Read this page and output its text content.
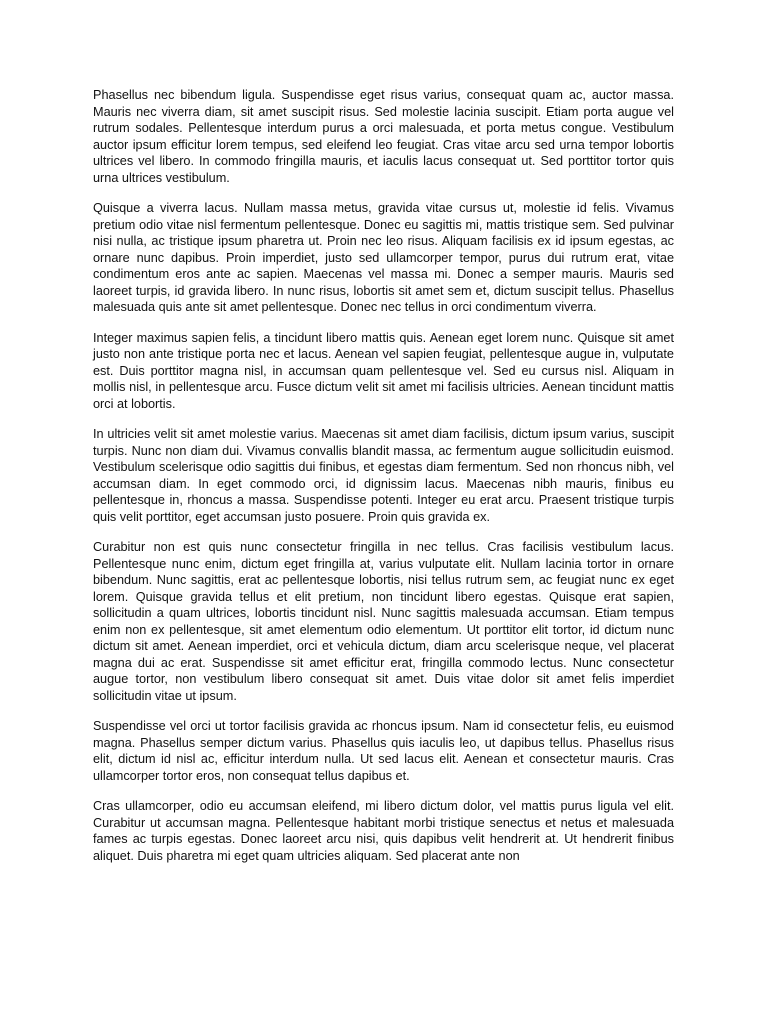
Phasellus nec bibendum ligula. Suspendisse eget risus varius, consequat quam ac, auctor massa. Mauris nec viverra diam, sit amet suscipit risus. Sed molestie lacinia suscipit. Etiam porta augue vel rutrum sodales. Pellentesque interdum purus a orci malesuada, et porta metus congue. Vestibulum auctor ipsum efficitur lorem tempus, sed eleifend leo feugiat. Cras vitae arcu sed urna tempor lobortis ultrices vel libero. In commodo fringilla mauris, et iaculis lacus consequat ut. Sed porttitor tortor quis urna ultrices vestibulum.

Quisque a viverra lacus. Nullam massa metus, gravida vitae cursus ut, molestie id felis. Vivamus pretium odio vitae nisl fermentum pellentesque. Donec eu sagittis mi, mattis tristique sem. Sed pulvinar nisi nulla, ac tristique ipsum pharetra ut. Proin nec leo risus. Aliquam facilisis ex id ipsum egestas, ac ornare nunc dapibus. Proin imperdiet, justo sed ullamcorper tempor, purus dui rutrum erat, vitae condimentum eros ante ac sapien. Maecenas vel massa mi. Donec a semper mauris. Mauris sed laoreet turpis, id gravida libero. In nunc risus, lobortis sit amet sem et, dictum suscipit tellus. Phasellus malesuada quis ante sit amet pellentesque. Donec nec tellus in orci condimentum viverra.

Integer maximus sapien felis, a tincidunt libero mattis quis. Aenean eget lorem nunc. Quisque sit amet justo non ante tristique porta nec et lacus. Aenean vel sapien feugiat, pellentesque augue in, vulputate est. Duis porttitor magna nisl, in accumsan quam pellentesque vel. Sed eu cursus nisl. Aliquam in mollis nisl, in pellentesque arcu. Fusce dictum velit sit amet mi facilisis ultricies. Aenean tincidunt mattis orci at lobortis.

In ultricies velit sit amet molestie varius. Maecenas sit amet diam facilisis, dictum ipsum varius, suscipit turpis. Nunc non diam dui. Vivamus convallis blandit massa, ac fermentum augue sollicitudin euismod. Vestibulum scelerisque odio sagittis dui finibus, et egestas diam fermentum. Sed non rhoncus nibh, vel accumsan diam. In eget commodo orci, id dignissim lacus. Maecenas nibh mauris, finibus eu pellentesque in, rhoncus a massa. Suspendisse potenti. Integer eu erat arcu. Praesent tristique turpis quis velit porttitor, eget accumsan justo posuere. Proin quis gravida ex.

Curabitur non est quis nunc consectetur fringilla in nec tellus. Cras facilisis vestibulum lacus. Pellentesque nunc enim, dictum eget fringilla at, varius vulputate elit. Nullam lacinia tortor in ornare bibendum. Nunc sagittis, erat ac pellentesque lobortis, nisi tellus rutrum sem, ac feugiat nunc ex eget lorem. Quisque gravida tellus et elit pretium, non tincidunt libero egestas. Quisque erat sapien, sollicitudin a quam ultrices, lobortis tincidunt nisl. Nunc sagittis malesuada accumsan. Etiam tempus enim non ex pellentesque, sit amet elementum odio elementum. Ut porttitor elit tortor, id dictum nunc dictum sit amet. Aenean imperdiet, orci et vehicula dictum, diam arcu scelerisque neque, vel placerat magna dui ac erat. Suspendisse sit amet efficitur erat, fringilla commodo lectus. Nunc consectetur augue tortor, non vestibulum libero consequat sit amet. Duis vitae dolor sit amet felis imperdiet sollicitudin vitae ut ipsum.

Suspendisse vel orci ut tortor facilisis gravida ac rhoncus ipsum. Nam id consectetur felis, eu euismod magna. Phasellus semper dictum varius. Phasellus quis iaculis leo, ut dapibus tellus. Phasellus risus elit, dictum id nisl ac, efficitur interdum nulla. Ut sed lacus elit. Aenean et consectetur mauris. Cras ullamcorper tortor eros, non consequat tellus dapibus et.

Cras ullamcorper, odio eu accumsan eleifend, mi libero dictum dolor, vel mattis purus ligula vel elit. Curabitur ut accumsan magna. Pellentesque habitant morbi tristique senectus et netus et malesuada fames ac turpis egestas. Donec laoreet arcu nisi, quis dapibus velit hendrerit at. Ut hendrerit finibus aliquet. Duis pharetra mi eget quam ultricies aliquam. Sed placerat ante non
